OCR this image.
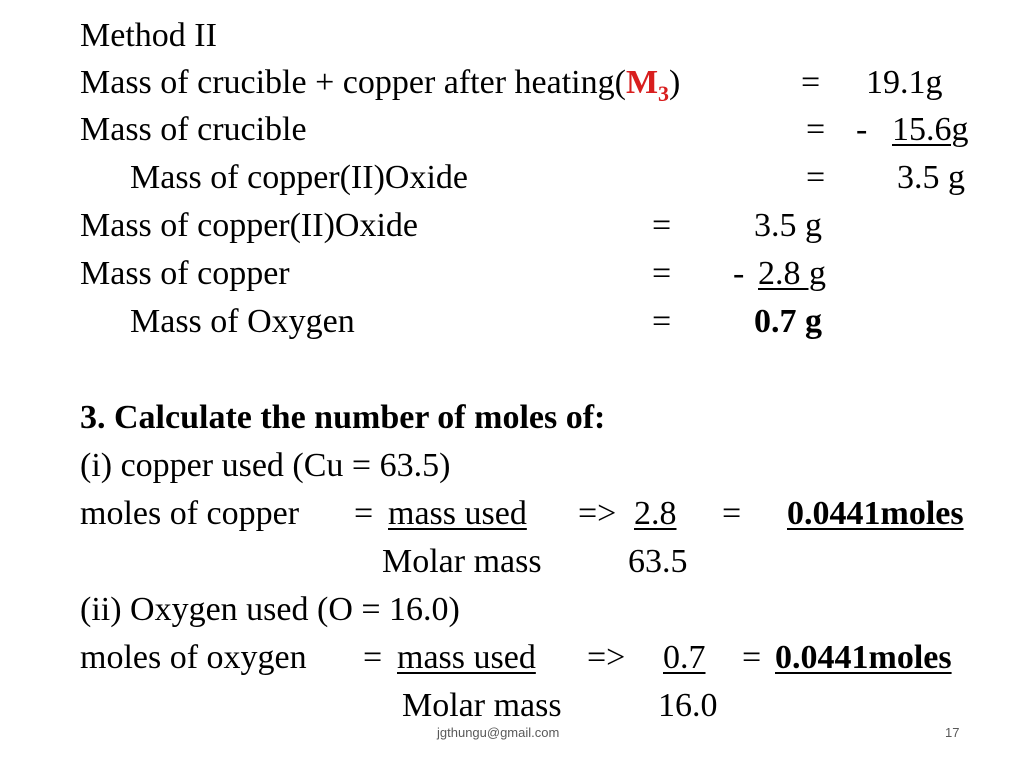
Method II
Mass of crucible + copper after $heating(M_3)$	= 19.1g
Mass of crucible	= - 15.6g
Mass of copper(II)Oxide	= 3.5 g
Mass of copper(II)Oxide	= 3.5 g
Mass of copper	= - 2.8 g
Mass of Oxygen	= 0.7 g
3. Calculate the number of moles of:
(i) copper used (Cu = 63.5)
moles of copper = mass used => 2.8 = 0.0441moles
Molar mass	63.5
(ii) Oxygen used (O = 16.0)
moles of oxygen = mass used => 0.7 = 0.0441moles
Molar mass	16.0
jgthungu@gmail.com	17
